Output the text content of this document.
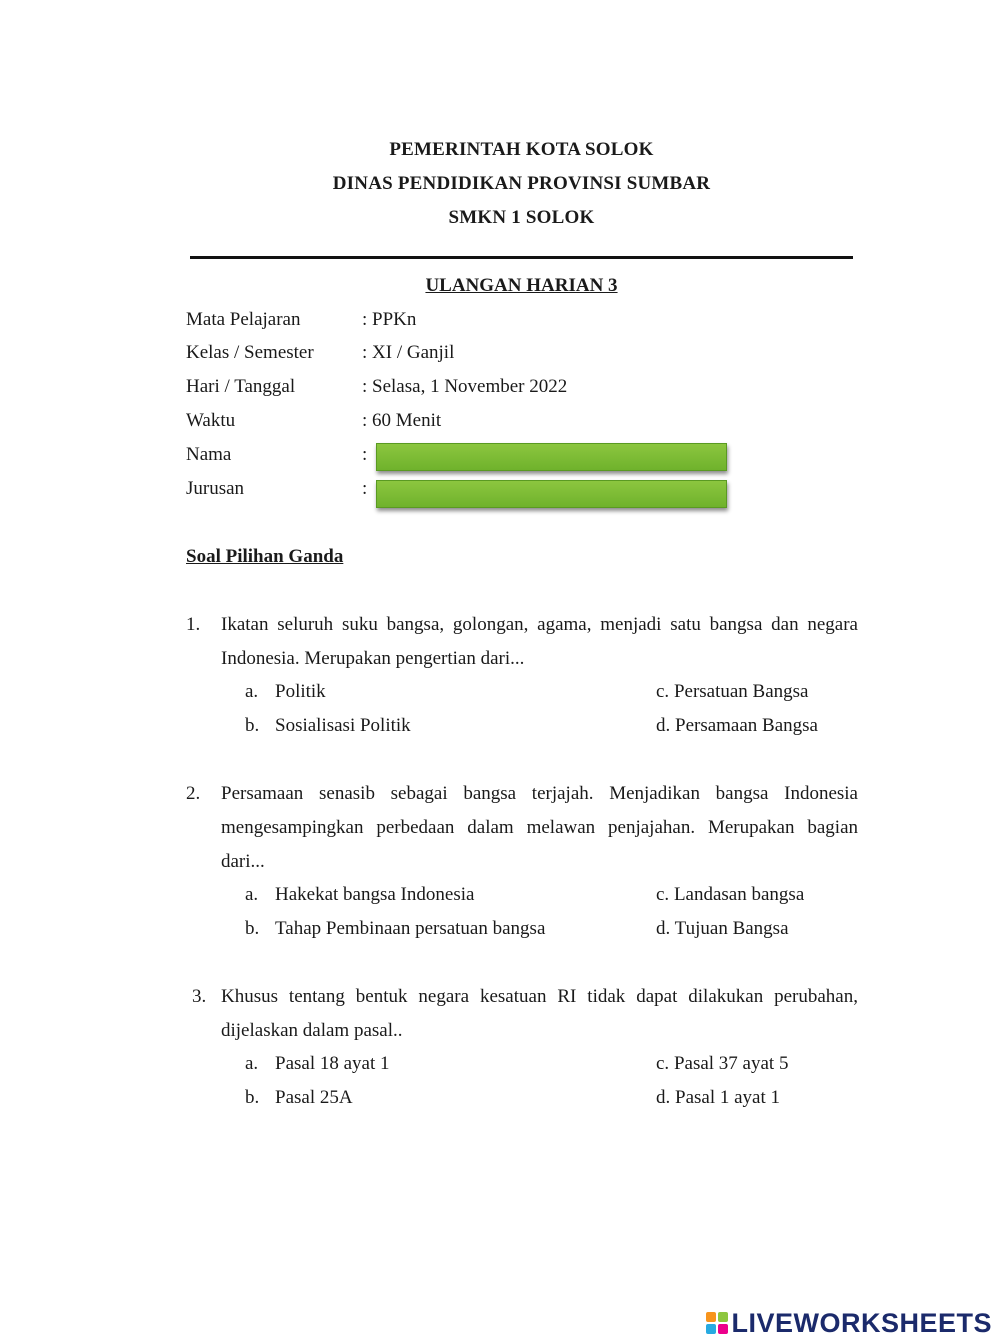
PEMERINTAH KOTA SOLOK
DINAS PENDIDIKAN PROVINSI SUMBAR
SMKN 1 SOLOK
ULANGAN HARIAN 3
Mata Pelajaran	: PPKn
Kelas / Semester	: XI / Ganjil
Hari / Tanggal	: Selasa, 1 November 2022
Waktu	: 60 Menit
Nama	:
Jurusan	:
Soal Pilihan Ganda
1. Ikatan seluruh suku bangsa, golongan, agama, menjadi satu bangsa dan negara
Indonesia. Merupakan pengertian dari...
a. Politik
b. Sosialisasi Politik
c. Persatuan Bangsa
d. Persamaan Bangsa
2. Persamaan senasib sebagai bangsa terjajah. Menjadikan bangsa Indonesia
mengesampingkan perbedaan dalam melawan penjajahan. Merupakan bagian
dari...
a. Hakekat bangsa Indonesia
b. Tahap Pembinaan persatuan bangsa
c. Landasan bangsa
d. Tujuan Bangsa
3. Khusus tentang bentuk negara kesatuan RI tidak dapat dilakukan perubahan,
dijelaskan dalam pasal..
a. Pasal 18 ayat 1
b. Pasal 25A
c. Pasal 37 ayat 5
d. Pasal 1 ayat 1
LIVEWORKSHEETS
